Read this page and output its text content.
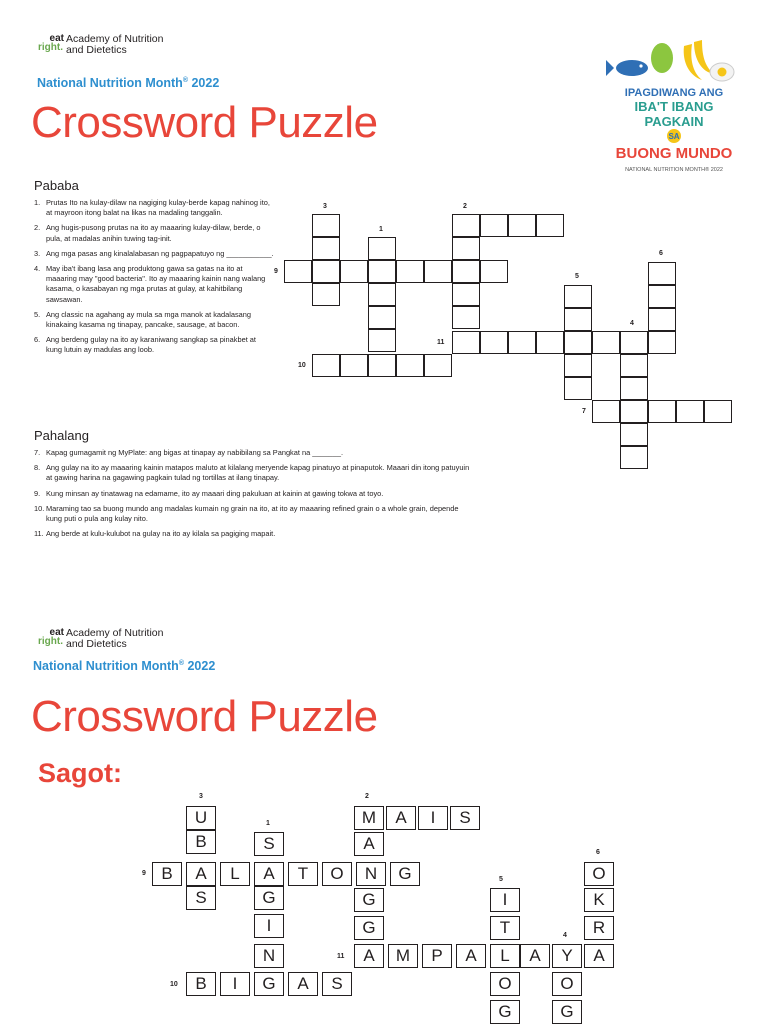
eat
right.
Academy of Nutrition
and Dietetics
National Nutrition Month® 2022
Crossword Puzzle
IPAGDIWANG ANG
IBA'T IBANG
PAGKAIN
SA
BUONG MUNDO
NATIONAL NUTRITION MONTH® 2022
Pababa
1. Prutas Ito na kulay-dilaw na nagiging kulay-berde kapag nahinog ito, at mayroon itong balat na likas na madaling tanggalin.
2. Ang hugis-pusong prutas na ito ay maaaring kulay-dilaw, berde, o pula, at madalas anihin tuwing tag-init.
3. Ang mga pasas ang kinalalabasan ng pagpapatuyo ng ___________.
4. May iba't ibang lasa ang produktong gawa sa gatas na ito at maaaring may "good bacteria". Ito ay maaaring kainin nang walang kasama, o kasabayan ng mga prutas at gulay, at kahitbilang sawsawan.
5. Ang classic na agahang ay mula sa mga manok at kadalasang kinakaing kasama ng tinapay, pancake, sausage, at bacon.
6. Ang berdeng gulay na ito ay karaniwang sangkap sa pinakbet at kung lutuin ay madulas ang loob.
Pahalang
7. Kapag gumagamit ng MyPlate: ang bigas at tinapay ay nabibilang sa Pangkat na _______.
8. Ang gulay na ito ay maaaring kainin matapos maluto at kilalang meryende kapag pinatuyo at pinaputok. Maaari din itong patuyuin at gawing harina na gagawing pagkain tulad ng tortillas at ilang tinapay.
9. Kung minsan ay tinatawag na edamame, ito ay maaari ding pakuluan at kainin at gawing tokwa at toyo.
10. Maraming tao sa buong mundo ang madalas kumain ng grain na ito, at ito ay maaaring refined grain o a whole grain, depende kung puti o pula ang kulay nito.
11. Ang berde at kulu-kulubot na gulay na ito ay kilala sa pagiging mapait.
1
2
3
4
5
6
7
9
10
11
eat
right.
Academy of Nutrition
and Dietetics
National Nutrition Month® 2022
Crossword Puzzle
Sagot:
U
B
S
S
G
I
N
B	A	L	A	T	O	N	G
M	A	I	S
A
G
G
A	M	P	A	L	A	Y	A
I
T
O
G
O
K
R
O
G
B	I	G	A	S
3
1
2
9
5
6
4
11
10
